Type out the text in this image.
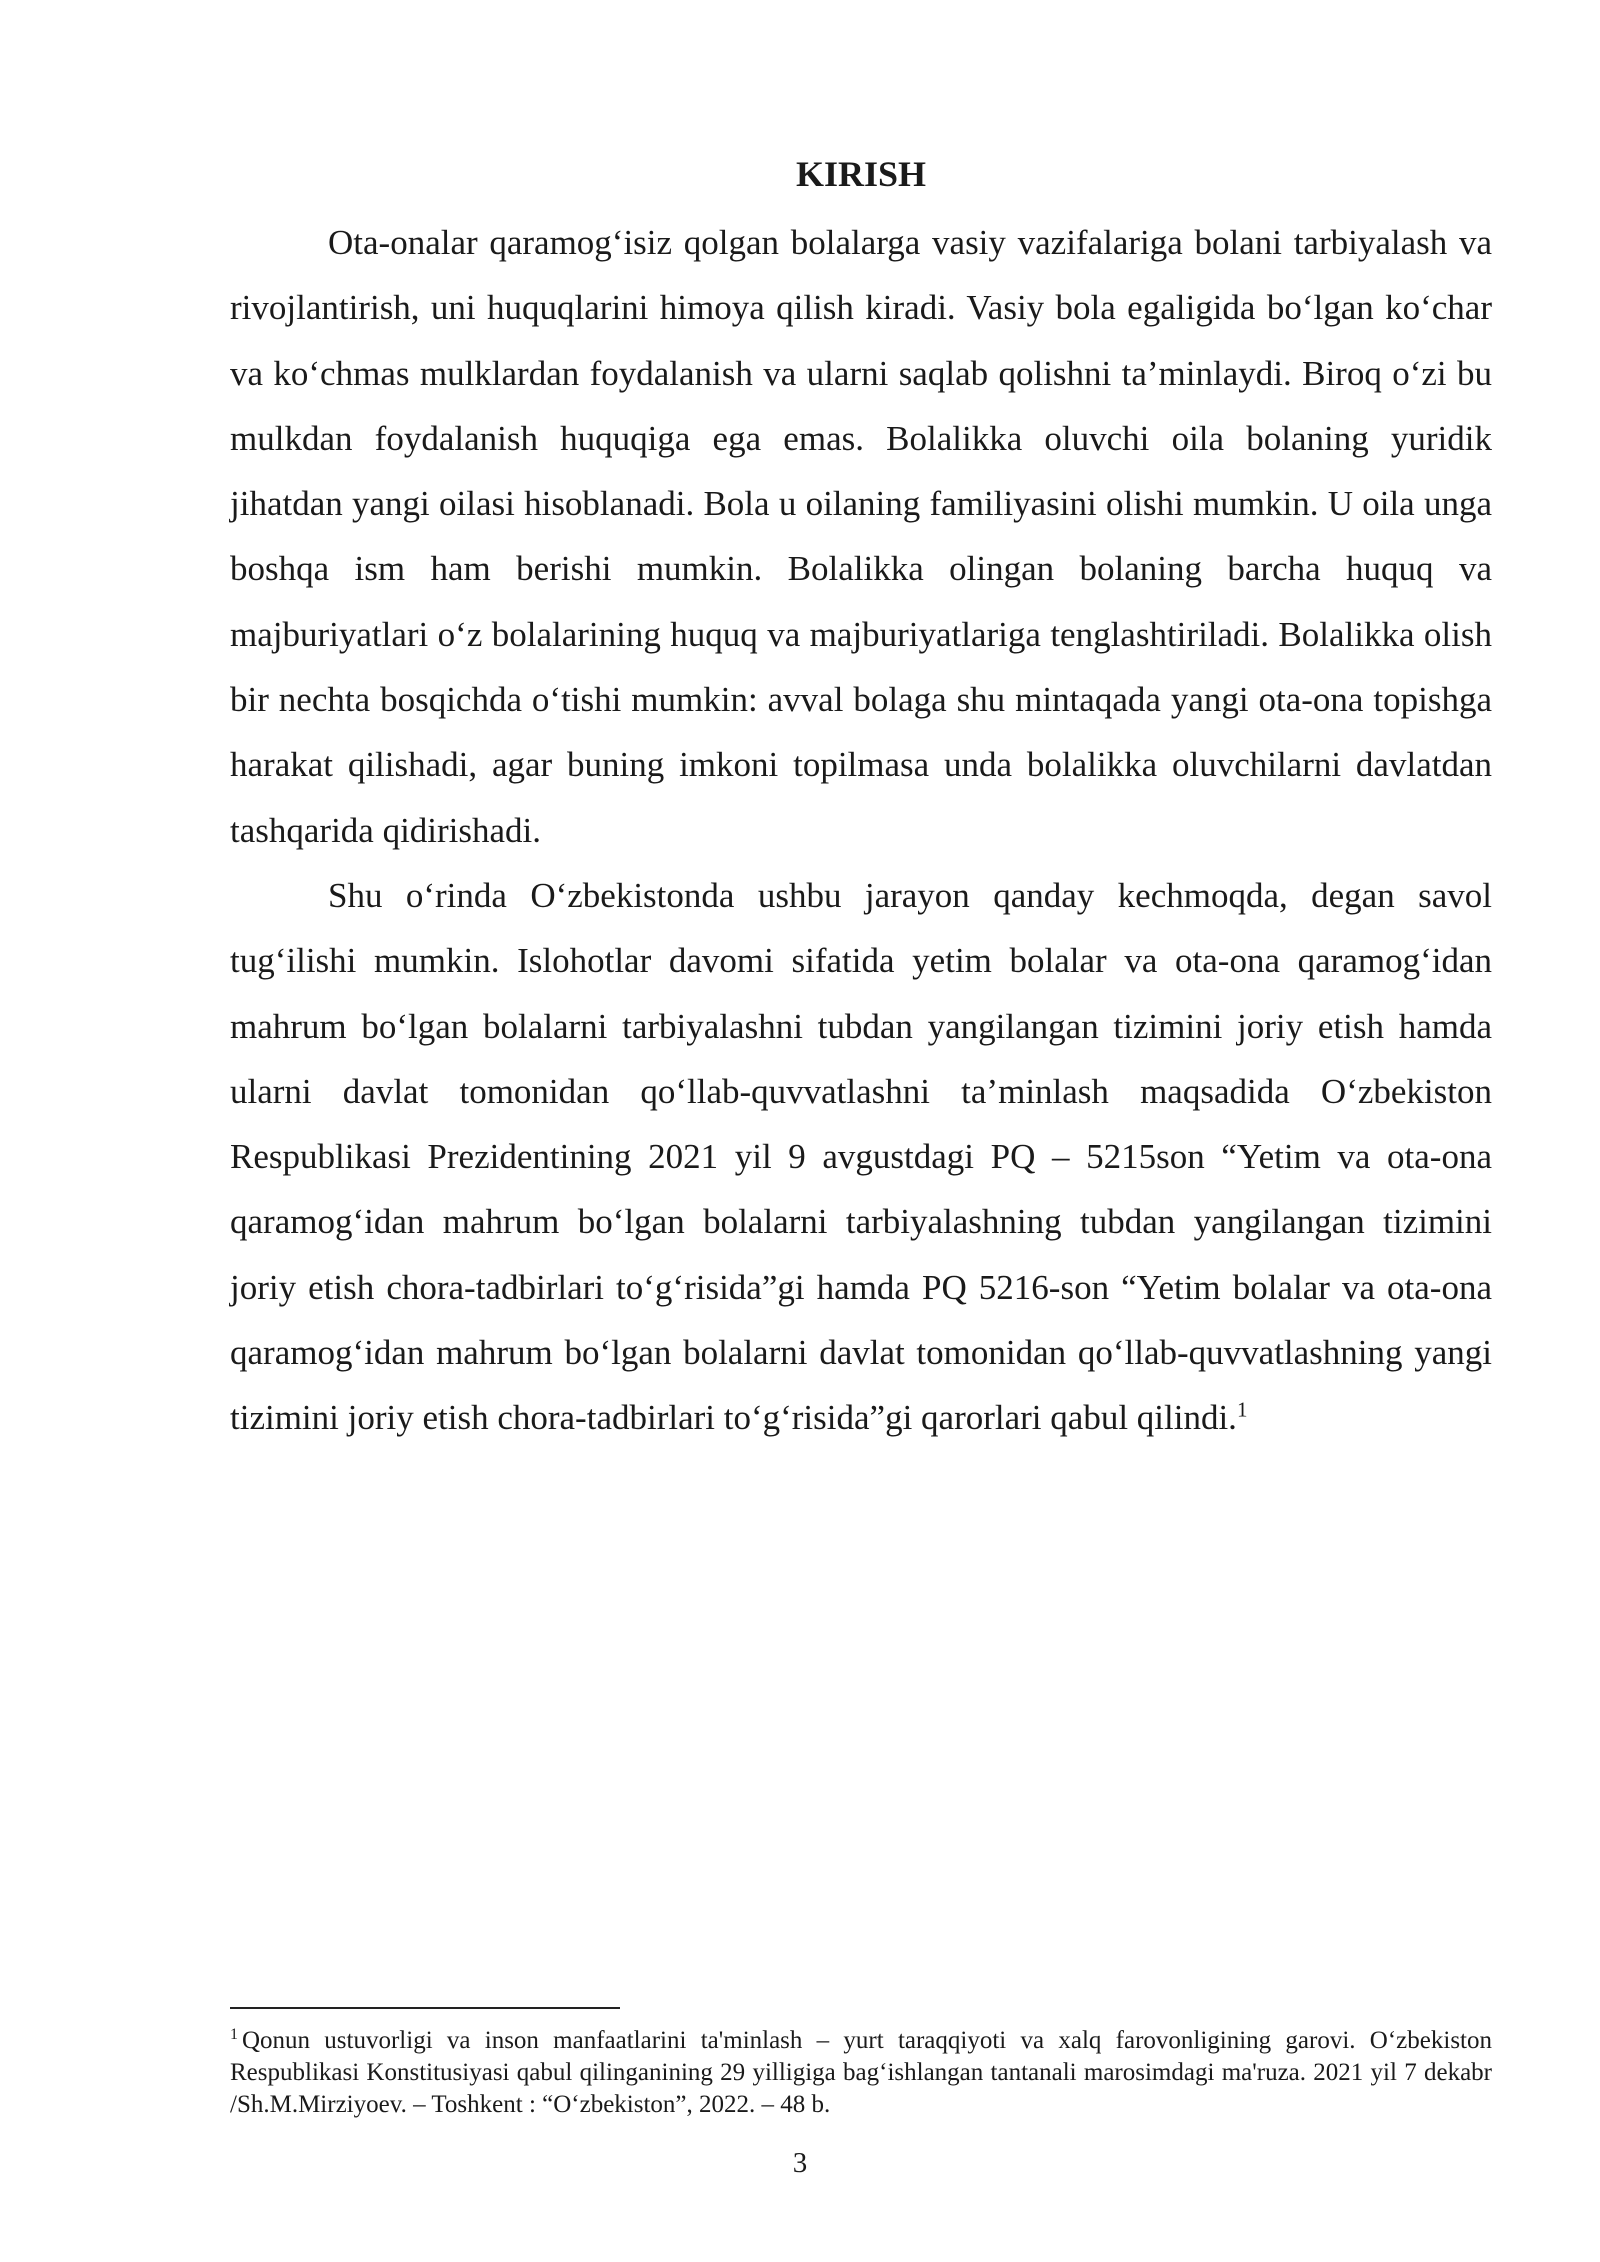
KIRISH

Ota-onalar qaramog‘isiz qolgan bolalarga vasiy vazifalariga bolani tarbiyalash va rivojlantirish, uni huquqlarini himoya qilish kiradi. Vasiy bola egaligida bo‘lgan ko‘char va ko‘chmas mulklardan foydalanish va ularni saqlab qolishni ta’minlaydi. Biroq o‘zi bu mulkdan foydalanish huquqiga ega emas. Bolalikka oluvchi oila bolaning yuridik jihatdan yangi oilasi hisoblanadi. Bola u oilaning familiyasini olishi mumkin. U oila unga boshqa ism ham berishi mumkin. Bolalikka olingan bolaning barcha huquq va majburiyatlari o‘z bolalarining huquq va majburiyatlariga tenglashtiriladi. Bolalikka olish bir nechta bosqichda o‘tishi mumkin: avval bolaga shu mintaqada yangi ota-ona topishga harakat qilishadi, agar buning imkoni topilmasa unda bolalikka oluvchilarni davlatdan tashqarida qidirishadi.

Shu o‘rinda O‘zbekistonda ushbu jarayon qanday kechmoqda, degan savol tug‘ilishi mumkin. Islohotlar davomi sifatida yetim bolalar va ota-ona qaramog‘idan mahrum bo‘lgan bolalarni tarbiyalashni tubdan yangilangan tizimini joriy etish hamda ularni davlat tomonidan qo‘llab-quvvatlashni ta’minlash maqsadida O‘zbekiston Respublikasi Prezidentining 2021 yil 9 avgustdagi PQ – 5215son “Yetim va ota-ona qaramog‘idan mahrum bo‘lgan bolalarni tarbiyalashning tubdan yangilangan tizimini joriy etish chora-tadbirlari to‘g‘risida”gi hamda PQ 5216-son “Yetim bolalar va ota-ona qaramog‘idan mahrum bo‘lgan bolalarni davlat tomonidan qo‘llab-quvvatlashning yangi tizimini joriy etish chora-tadbirlari to‘g‘risida”gi qarorlari qabul qilindi.$^1$

$^1$ Qonun ustuvorligi va inson manfaatlarini ta'minlash – yurt taraqqiyoti va xalq farovonligining garovi. O‘zbekiston Respublikasi Konstitusiyasi qabul qilinganining 29 yilligiga bag‘ishlangan tantanali marosimdagi ma'ruza. 2021 yil 7 dekabr /Sh.M.Mirziyoev. – Toshkent : “O‘zbekiston”, 2022. – 48 b.

3
